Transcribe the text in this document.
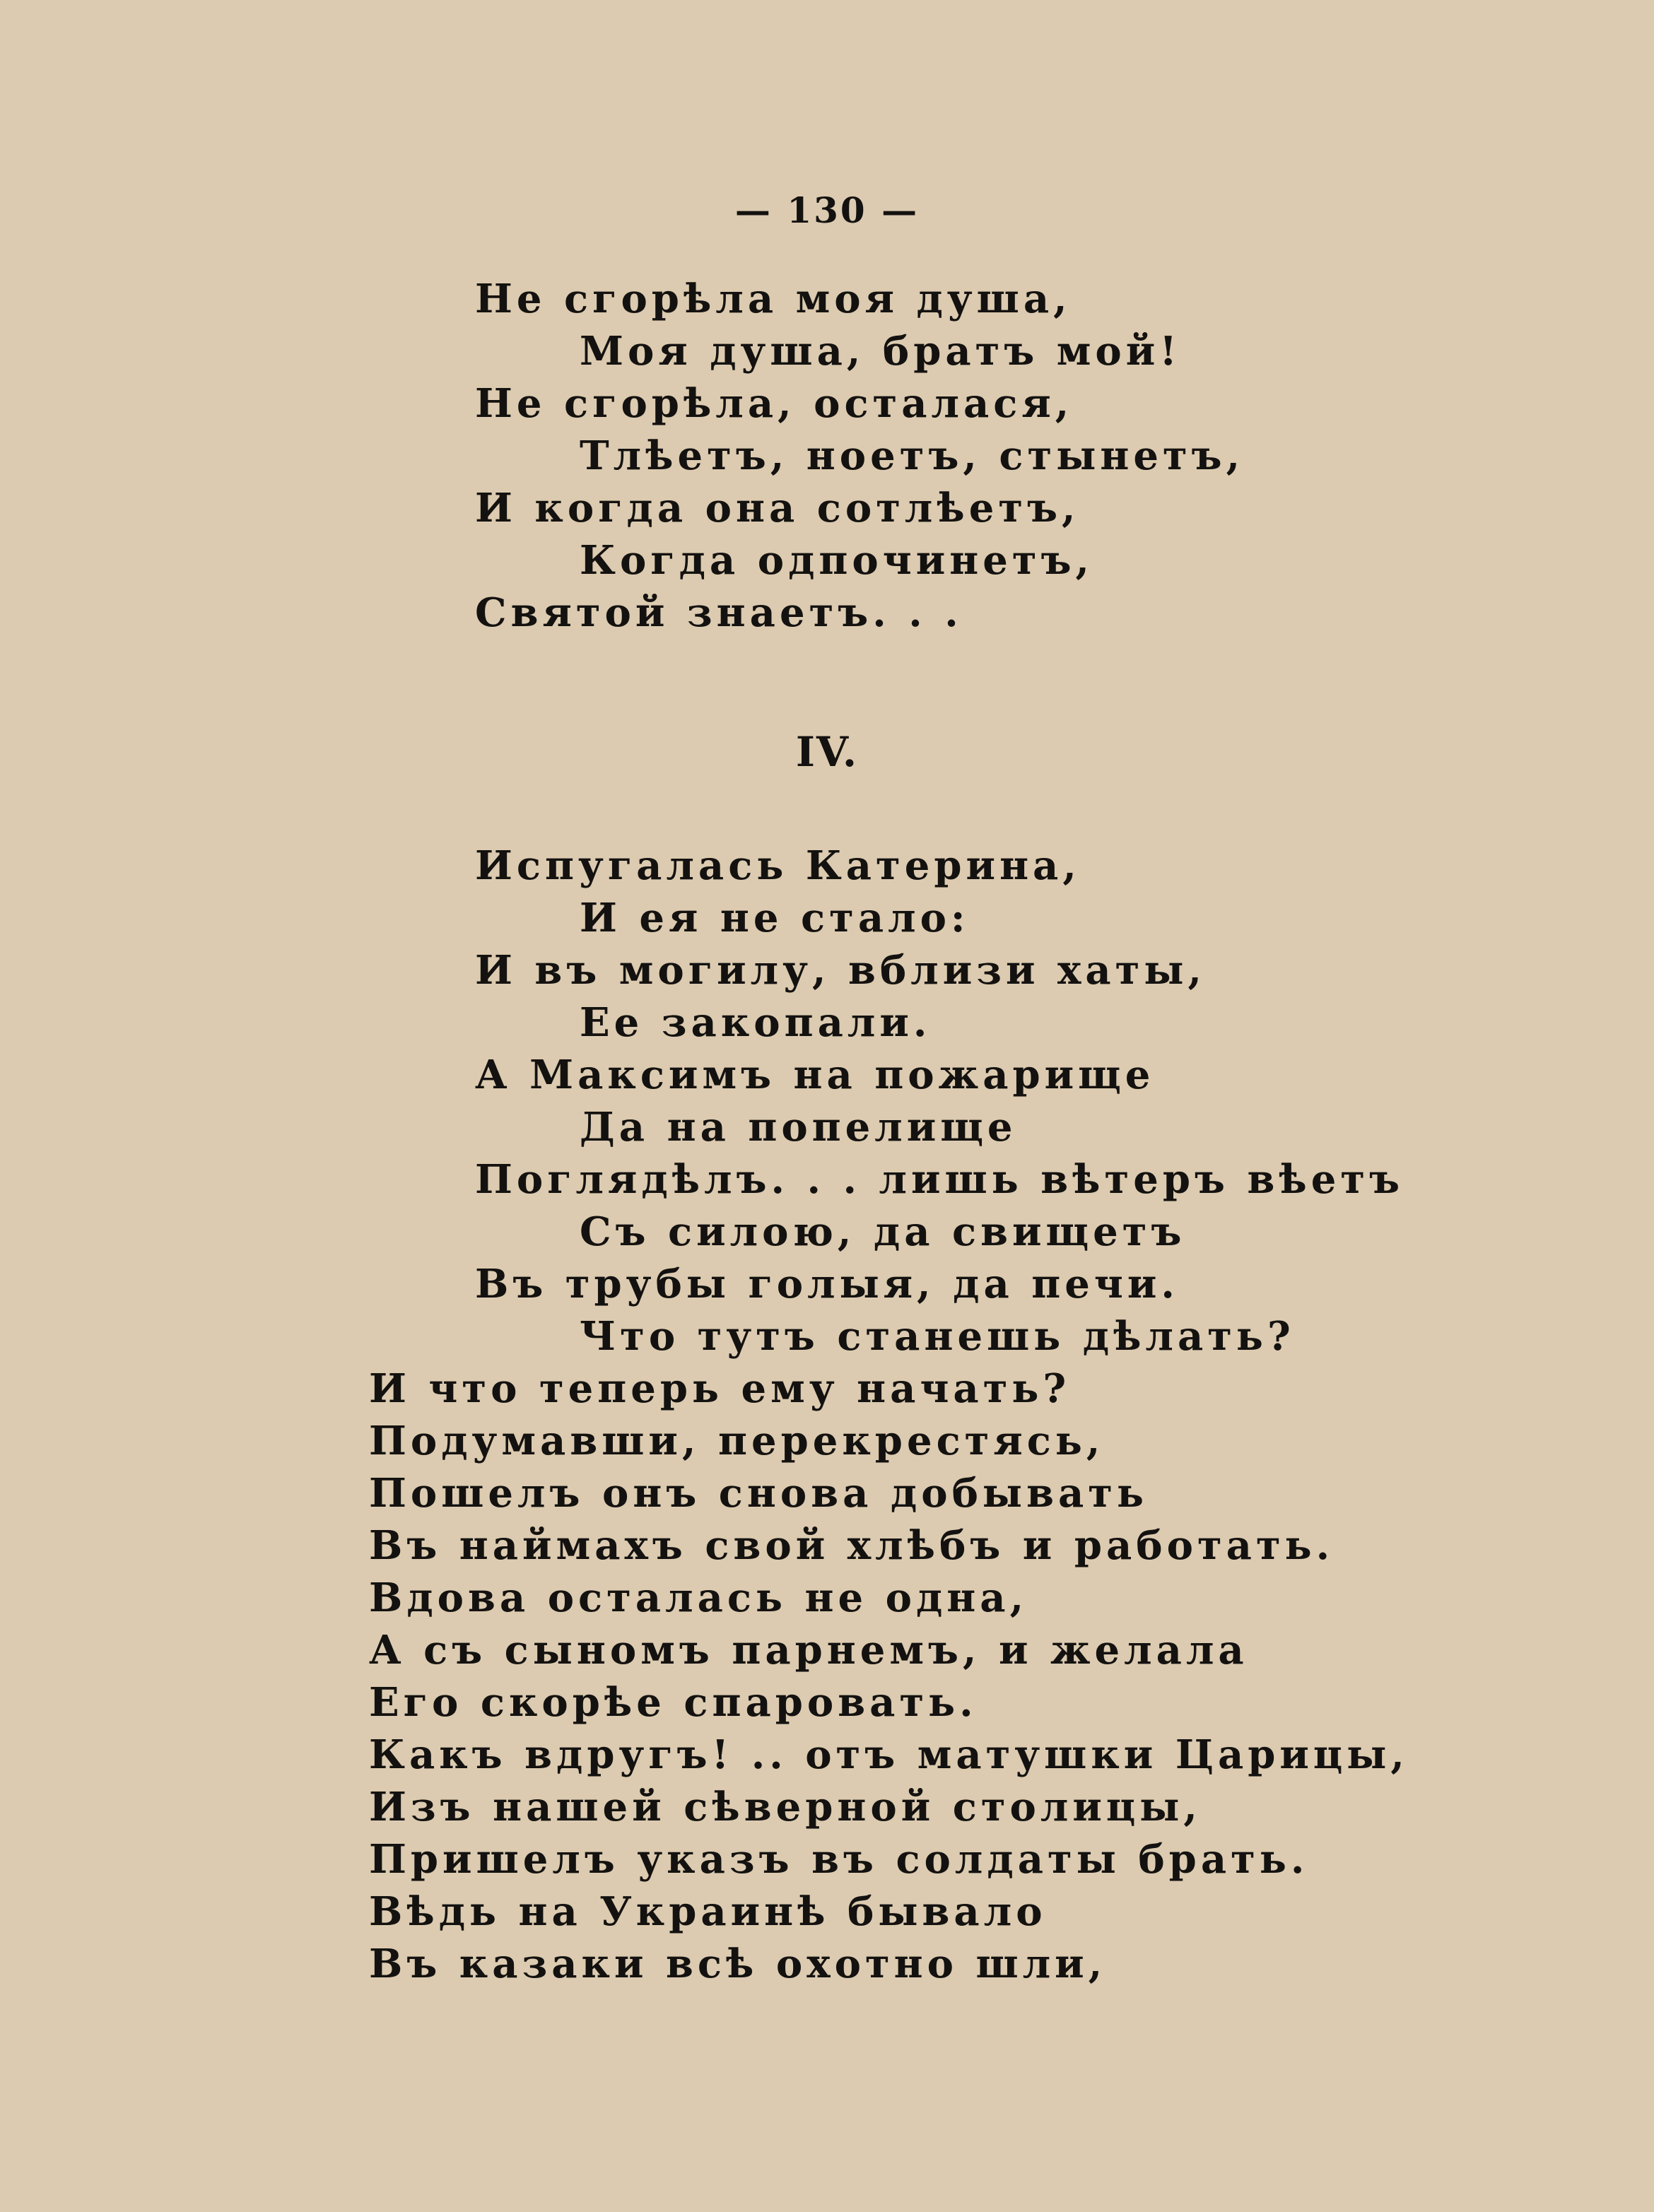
— 130 —
Не сгорѣла моя душа,
Моя душа, братъ мой!
Не сгорѣла, осталася,
Тлѣетъ, ноетъ, стынетъ,
И когда она сотлѣетъ,
Когда одпочинетъ,
Святой знаетъ. . .
IV.
Испугалась Катерина,
И ея не стало:
И въ могилу, вблизи хаты,
Ее закопали.
А Максимъ на пожарище
Да на попелище
Поглядѣлъ. . . лишь вѣтеръ вѣетъ
Съ силою, да свищетъ
Въ трубы голыя, да печи.
Что тутъ станешь дѣлать?
И что теперь ему начать?
Подумавши, перекрестясь,
Пошелъ онъ снова добывать
Въ наймахъ свой хлѣбъ и работать.
Вдова осталась не одна,
А съ сыномъ парнемъ, и желала
Его скорѣе спаровать.
Какъ вдругъ! .. отъ матушки Царицы,
Изъ нашей сѣверной столицы,
Пришелъ указъ въ солдаты брать.
Вѣдь на Украинѣ бывало
Въ казаки всѣ охотно шли,
